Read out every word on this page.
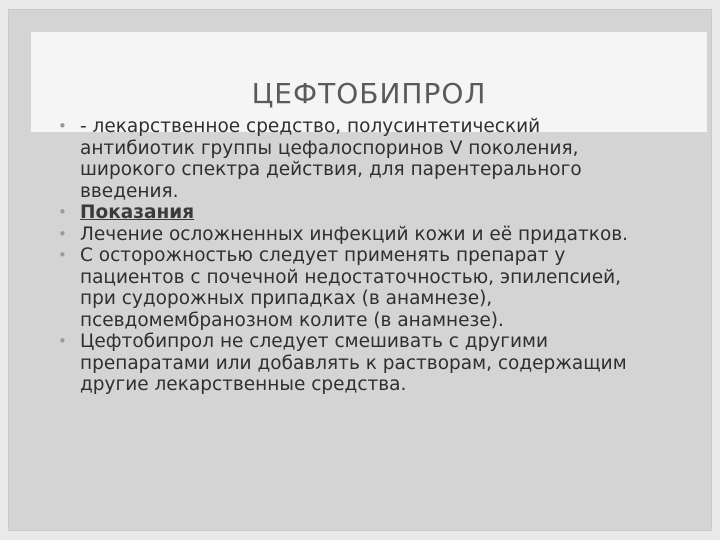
ЦЕФТОБИПРОЛ
• - лекарственное средство, полусинтетический антибиотик группы цефалоспоринов V поколения, широкого спектра действия, для парентерального введения.
• Показания
• Лечение осложненных инфекций кожи и её придатков.
• С осторожностью следует применять препарат у пациентов с почечной недостаточностью, эпилепсией, при судорожных припадках (в анамнезе), псевдомембранозном колите (в анамнезе).
• Цефтобипрол не следует смешивать с другими препаратами или добавлять к растворам, содержащим другие лекарственные средства.
